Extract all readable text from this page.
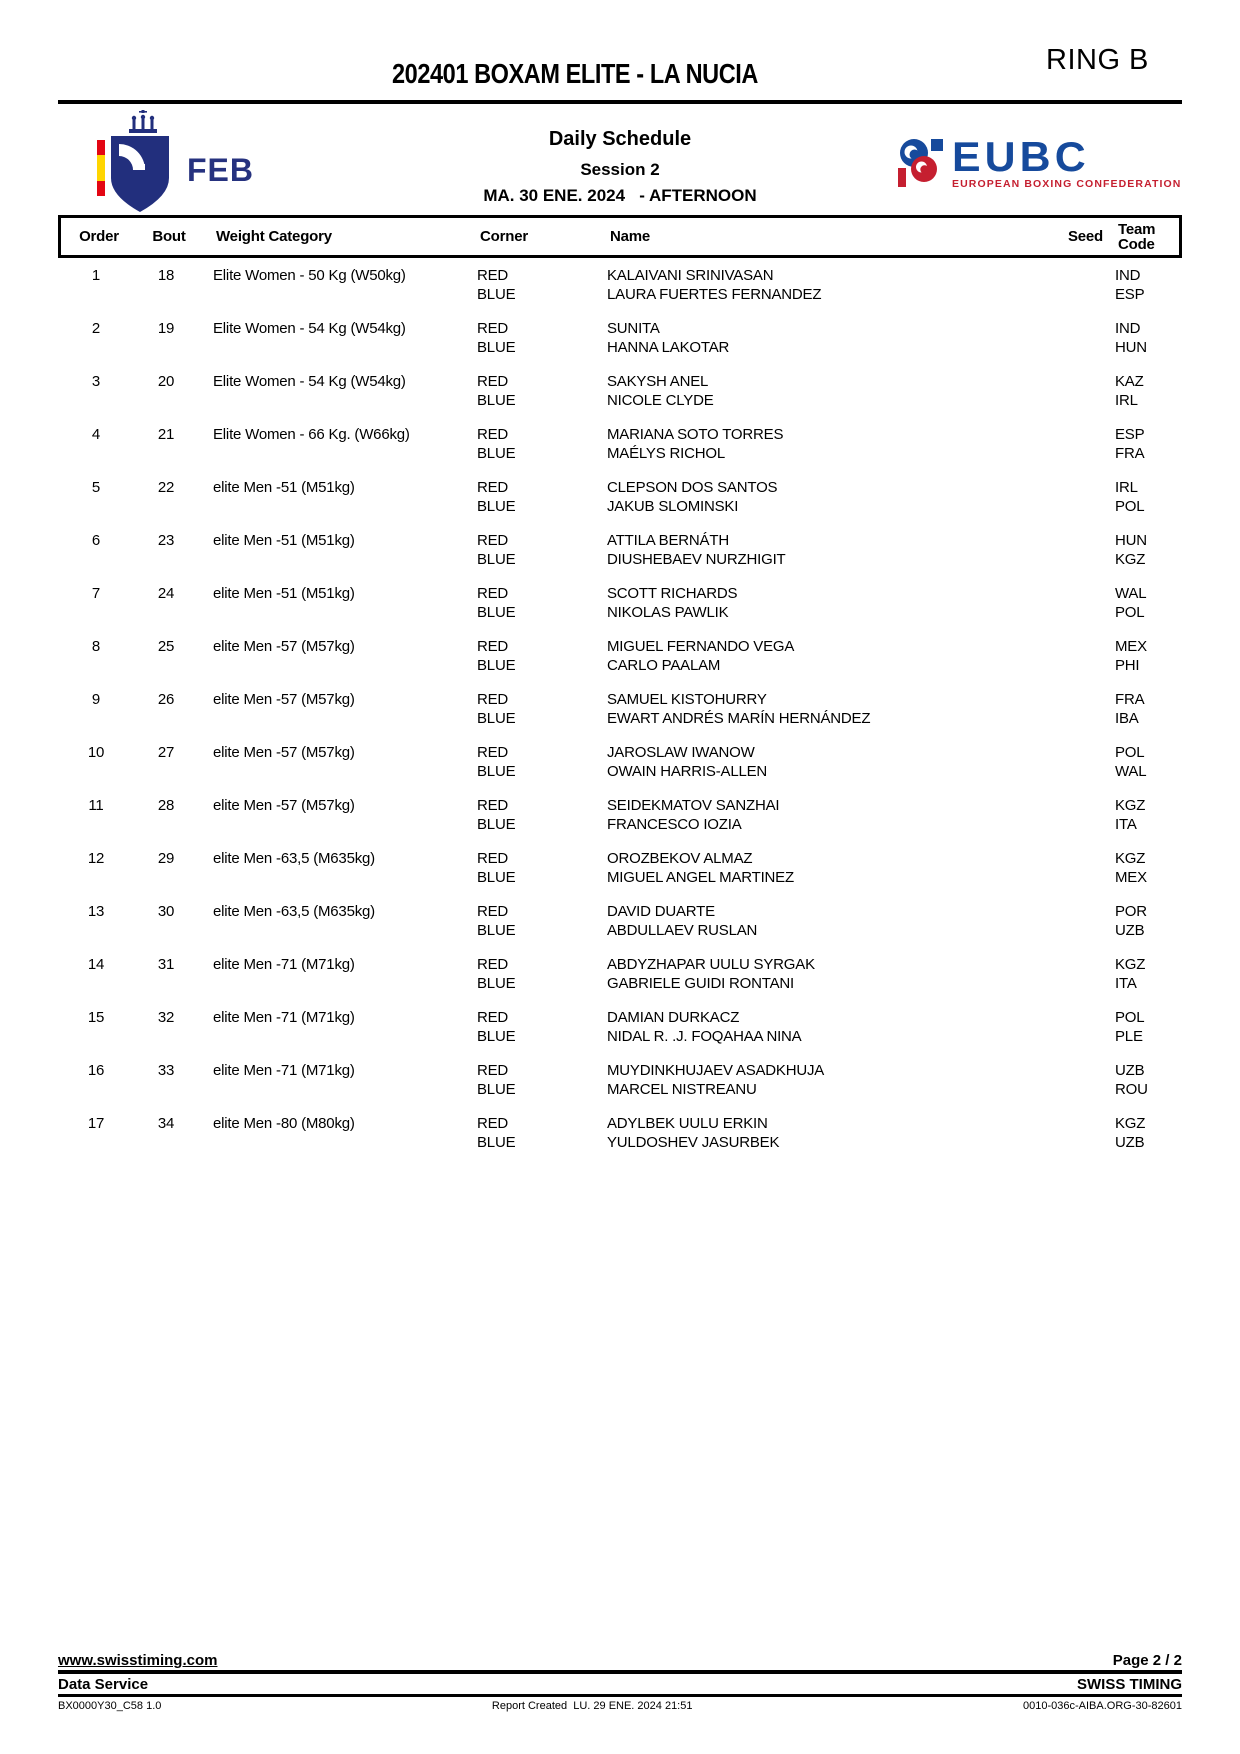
RING B
202401 BOXAM ELITE - LA NUCIA
FEB
Daily Schedule
Session 2
MA. 30 ENE. 2024   - AFTERNOON
EUBC
EUROPEAN BOXING CONFEDERATION
Order	Bout	Weight Category	Corner	Name	Seed	Team Code
1	18	Elite Women - 50 Kg (W50kg)	RED	KALAIVANI SRINIVASAN	IND
BLUE	LAURA FUERTES FERNANDEZ	ESP
2	19	Elite Women - 54 Kg (W54kg)	RED	SUNITA	IND
BLUE	HANNA LAKOTAR	HUN
3	20	Elite Women - 54 Kg (W54kg)	RED	SAKYSH ANEL	KAZ
BLUE	NICOLE CLYDE	IRL
4	21	Elite Women - 66 Kg. (W66kg)	RED	MARIANA SOTO TORRES	ESP
BLUE	MAÉLYS RICHOL	FRA
5	22	elite Men -51 (M51kg)	RED	CLEPSON DOS SANTOS	IRL
BLUE	JAKUB SLOMINSKI	POL
6	23	elite Men -51 (M51kg)	RED	ATTILA BERNÁTH	HUN
BLUE	DIUSHEBAEV NURZHIGIT	KGZ
7	24	elite Men -51 (M51kg)	RED	SCOTT RICHARDS	WAL
BLUE	NIKOLAS PAWLIK	POL
8	25	elite Men -57 (M57kg)	RED	MIGUEL FERNANDO VEGA	MEX
BLUE	CARLO PAALAM	PHI
9	26	elite Men -57 (M57kg)	RED	SAMUEL KISTOHURRY	FRA
BLUE	EWART ANDRÉS MARÍN HERNÁNDEZ	IBA
10	27	elite Men -57 (M57kg)	RED	JAROSLAW IWANOW	POL
BLUE	OWAIN HARRIS-ALLEN	WAL
11	28	elite Men -57 (M57kg)	RED	SEIDEKMATOV SANZHAI	KGZ
BLUE	FRANCESCO IOZIA	ITA
12	29	elite Men -63,5 (M635kg)	RED	OROZBEKOV ALMAZ	KGZ
BLUE	MIGUEL ANGEL MARTINEZ	MEX
13	30	elite Men -63,5 (M635kg)	RED	DAVID DUARTE	POR
BLUE	ABDULLAEV RUSLAN	UZB
14	31	elite Men -71 (M71kg)	RED	ABDYZHAPAR UULU SYRGAK	KGZ
BLUE	GABRIELE GUIDI RONTANI	ITA
15	32	elite Men -71 (M71kg)	RED	DAMIAN DURKACZ	POL
BLUE	NIDAL R. .J. FOQAHAA NINA	PLE
16	33	elite Men -71 (M71kg)	RED	MUYDINKHUJAEV ASADKHUJA	UZB
BLUE	MARCEL NISTREANU	ROU
17	34	elite Men -80 (M80kg)	RED	ADYLBEK UULU ERKIN	KGZ
BLUE	YULDOSHEV JASURBEK	UZB
www.swisstiming.com	Page 2 / 2
Data Service	SWISS TIMING
BX0000Y30_C58 1.0	Report Created  LU. 29 ENE. 2024 21:51	0010-036c-AIBA.ORG-30-82601
